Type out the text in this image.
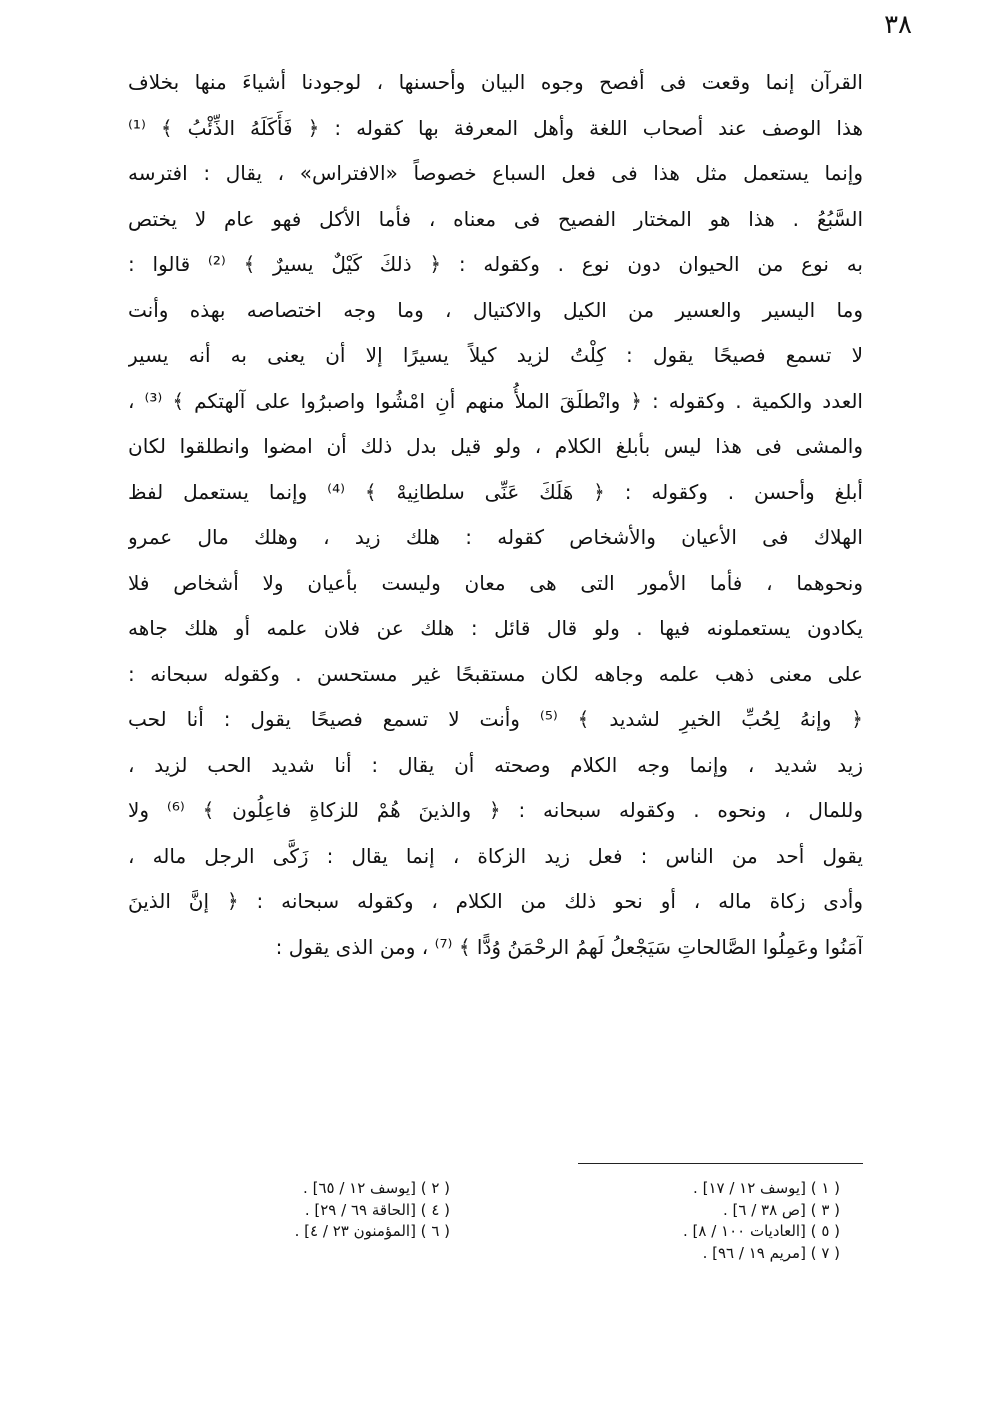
٣٨
القرآن إنما وقعت فى أفصح وجوه البيان وأحسنها ، لوجودنا أشياءَ منها بخلاف
هذا الوصف عند أصحاب اللغة وأهل المعرفة بها كقوله : ﴿ فَأَكَلَهُ الذِّئْبُ ﴾ ⁽¹⁾
وإنما يستعمل مثل هذا فى فعل السباع خصوصاً «الافتراس» ، يقال : افترسه
السَّبُعُ . هذا هو المختار الفصيح فى معناه ، فأما الأكل فهو عام لا يختص
به نوع من الحيوان دون نوع . وكقوله : ﴿ ذلكَ كَيْلٌ يسيرٌ ﴾ ⁽²⁾ قالوا :
وما اليسير والعسير من الكيل والاكتيال ، وما وجه اختصاصه بهذه وأنت
لا تسمع فصيحًا يقول : كِلْتُ لزيد كيلاً يسيرًا إلا أن يعنى به أنه يسير
العدد والكمية . وكقوله : ﴿ وانْطلَقَ الملأُ منهم أنِ امْشُوا واصبرُوا على آلهتكم ﴾ ⁽³⁾ ،
والمشى فى هذا ليس بأبلغ الكلام ، ولو قيل بدل ذلك أن امضوا وانطلقوا لكان
أبلغ وأحسن . وكقوله : ﴿ هَلَكَ عَنِّى سلطانِيهْ ﴾ ⁽⁴⁾ وإنما يستعمل لفظ
الهلاك فى الأعيان والأشخاص كقوله : هلك زيد ، وهلك مال عمرو
ونحوهما ، فأما الأمور التى هى معان وليست بأعيان ولا أشخاص فلا
يكادون يستعملونه فيها . ولو قال قائل : هلك عن فلان علمه أو هلك جاهه
على معنى ذهب علمه وجاهه لكان مستقبحًا غير مستحسن . وكقوله سبحانه :
﴿ وإنهُ لِحُبِّ الخيرِ لشديد ﴾ ⁽⁵⁾ وأنت لا تسمع فصيحًا يقول : أنا لحب
زيد شديد ، وإنما وجه الكلام وصحته أن يقال : أنا شديد الحب لزيد ،
وللمال ، ونحوه . وكقوله سبحانه : ﴿ والذينَ هُمْ للزكاةِ فاعِلُون ﴾ ⁽⁶⁾ ولا
يقول أحد من الناس : فعل زيد الزكاة ، إنما يقال : زَكَّى الرجل ماله ،
وأدى زكاة ماله ، أو نحو ذلك من الكلام ، وكقوله سبحانه : ﴿ إنَّ الذينَ
آمَنُوا وعَمِلُوا الصَّالحاتِ سَيَجْعلُ لَهمُ الرحْمَنُ وُدًّا ﴾ ⁽⁷⁾ ، ومن الذى يقول :
( ١ ) [يوسف ١٢ / ١٧] .
( ٣ ) [ص ٣٨ / ٦] .
( ٥ ) [العاديات ١٠٠ / ٨] .
( ٧ ) [مريم ١٩ / ٩٦] .
( ٢ ) [يوسف ١٢ / ٦٥] .
( ٤ ) [الحاقة ٦٩ / ٢٩] .
( ٦ ) [المؤمنون ٢٣ / ٤] .
